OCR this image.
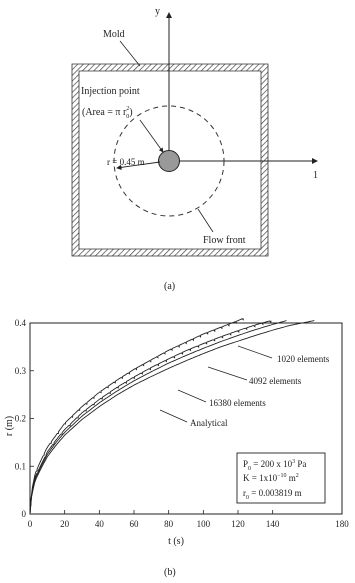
y
1
r = 0.45 m
Mold
Injection point
(Area = π $r_02$)
Flow front
(a)
0	20	40	60	80	100 120 140	180
0
0.1
0.2
0.3
0.4
1020 elements
4092 elements
16380 elements
Analytical
t (s)
r (m)
$P_0 = 200$ x $10^3$ Pa
$K = 1x10^{-10}$ $m^2$
$r_0 = 0.003819$ m
(b)
